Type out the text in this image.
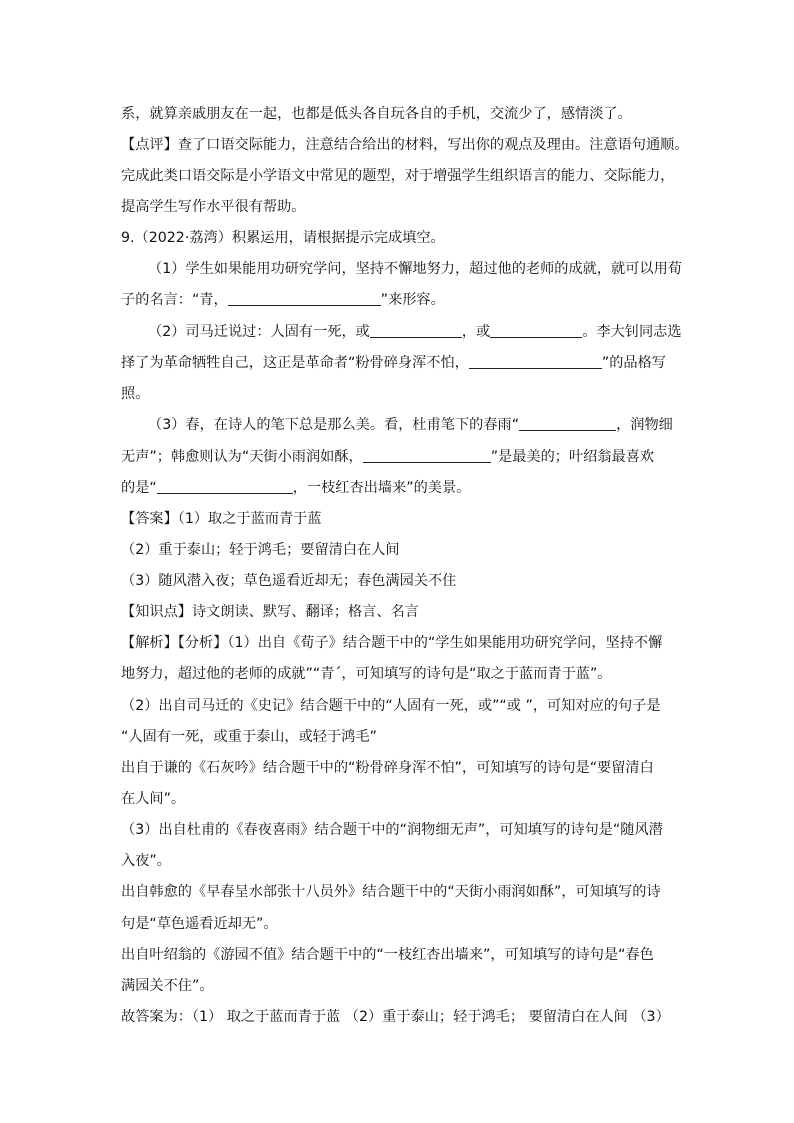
系，就算亲戚朋友在一起，也都是低头各自玩各自的手机，交流少了，感情淡了。
【点评】查了口语交际能力，注意结合给出的材料，写出你的观点及理由。注意语句通顺。
完成此类口语交际是小学语文中常见的题型，对于增强学生组织语言的能力、交际能力，
提高学生写作水平很有帮助。
9.（2022·荔湾）积累运用，请根据提示完成填空。
（1）学生如果能用功研究学问，坚持不懈地努力，超过他的老师的成就，就可以用荀
子的名言：“青，	”来形容。
（2）司马迁说过：人固有一死，或	，或	。李大钊同志选
择了为革命牺牲自己，这正是革命者“粉骨碎身浑不怕，	”的品格写
照。
（3）春，在诗人的笔下总是那么美。看，杜甫笔下的春雨“	，润物细
无声”；韩愈则认为“天街小雨润如酥，	”是最美的；叶绍翁最喜欢
的是“	，一枝红杏出墙来”的美景。
【答案】（1）取之于蓝而青于蓝
（2）重于泰山；轻于鸿毛；要留清白在人间
（3）随风潜入夜；草色遥看近却无；春色满园关不住
【知识点】诗文朗读、默写、翻译；格言、名言
【解析】【分析】（1）出自《荀子》结合题干中的“学生如果能用功研究学问，坚持不懈
地努力，超过他的老师的成就”“青´，可知填写的诗句是“取之于蓝而青于蓝”。
（2）出自司马迁的《史记》结合题干中的“人固有一死，或”“或 ”，可知对应的句子是
“人固有一死，或重于泰山，或轻于鸿毛”
出自于谦的《石灰吟》结合题干中的“粉骨碎身浑不怕”，可知填写的诗句是“要留清白
在人间”。
（3）出自杜甫的《春夜喜雨》结合题干中的“润物细无声”，可知填写的诗句是“随风潜
入夜”。
出自韩愈的《早春呈水部张十八员外》结合题干中的“天街小雨润如酥”，可知填写的诗
句是“草色遥看近却无”。
出自叶绍翁的《游园不值》结合题干中的“一枝红杏出墙来”，可知填写的诗句是“春色
满园关不住”。
故答案为：（1） 取之于蓝而青于蓝 （2）重于泰山；轻于鸿毛； 要留清白在人间 （3）
